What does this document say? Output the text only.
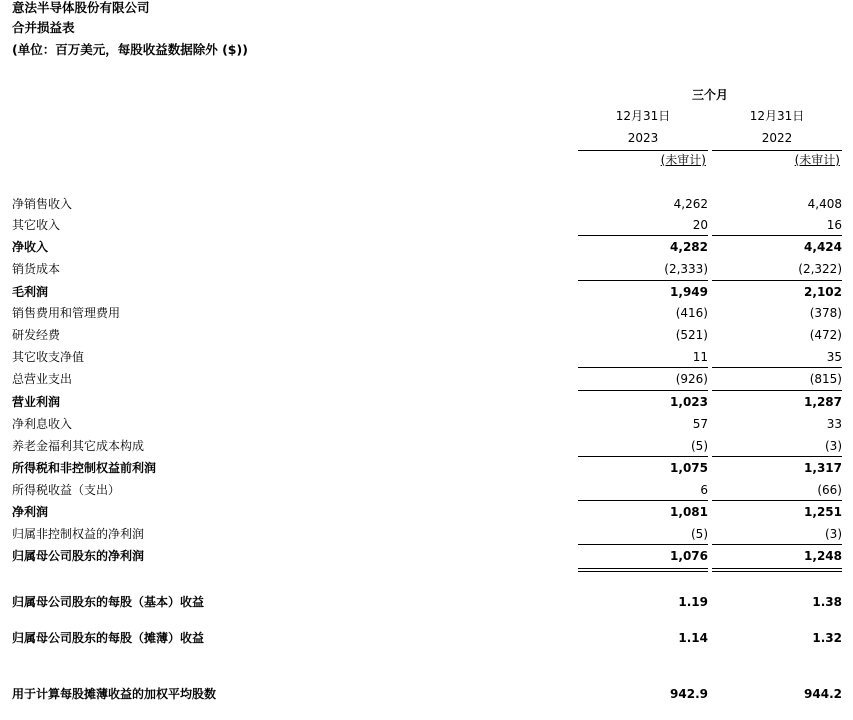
意法半导体股份有限公司
合并损益表
(单位：百万美元，每股收益数据除外 ($))
三个月
12月31日	12月31日
2023	2022
(未审计)	(未审计)
净销售收入	4,262	4,408
其它收入	20	16
净收入	4,282	4,424
销货成本	(2,333)	(2,322)
毛利润	1,949	2,102
销售费用和管理费用	(416)	(378)
研发经费	(521)	(472)
其它收支净值	11	35
总营业支出	(926)	(815)
营业利润	1,023	1,287
净利息收入	57	33
养老金福利其它成本构成	(5)	(3)
所得税和非控制权益前利润	1,075	1,317
所得税收益（支出）	6	(66)
净利润	1,081	1,251
归属非控制权益的净利润	(5)	(3)
归属母公司股东的净利润	1,076	1,248
归属母公司股东的每股（基本）收益	1.19	1.38
归属母公司股东的每股（摊薄）收益	1.14	1.32
用于计算每股摊薄收益的加权平均股数	942.9	944.2
